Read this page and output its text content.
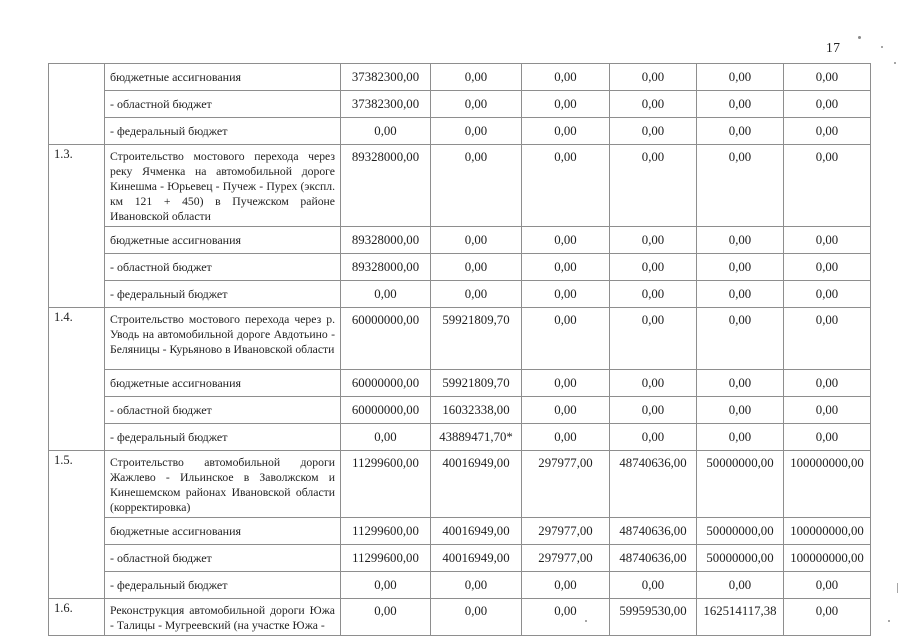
17
	бюджетные ассигнования	37382300,00	0,00	0,00	0,00	0,00	0,00
	- областной бюджет	37382300,00	0,00	0,00	0,00	0,00	0,00
	- федеральный бюджет	0,00	0,00	0,00	0,00	0,00	0,00
1.3.	Строительство мостового перехода через реку Ячменка на автомобильной дороге Кинешма - Юрьевец - Пучеж - Пурех (экспл. км 121 + 450) в Пучежском районе Ивановской области	89328000,00	0,00	0,00	0,00	0,00	0,00
	бюджетные ассигнования	89328000,00	0,00	0,00	0,00	0,00	0,00
	- областной бюджет	89328000,00	0,00	0,00	0,00	0,00	0,00
	- федеральный бюджет	0,00	0,00	0,00	0,00	0,00	0,00
1.4.	Строительство мостового перехода через р. Уводь на автомобильной дороге Авдотьино - Беляницы - Курьяново в Ивановской области	60000000,00	59921809,70	0,00	0,00	0,00	0,00
	бюджетные ассигнования	60000000,00	59921809,70	0,00	0,00	0,00	0,00
	- областной бюджет	60000000,00	16032338,00	0,00	0,00	0,00	0,00
	- федеральный бюджет	0,00	43889471,70*	0,00	0,00	0,00	0,00
1.5.	Строительство автомобильной дороги Жажлево - Ильинское в Заволжском и Кинешемском районах Ивановской области (корректировка)	11299600,00	40016949,00	297977,00	48740636,00	50000000,00	100000000,00
	бюджетные ассигнования	11299600,00	40016949,00	297977,00	48740636,00	50000000,00	100000000,00
	- областной бюджет	11299600,00	40016949,00	297977,00	48740636,00	50000000,00	100000000,00
	- федеральный бюджет	0,00	0,00	0,00	0,00	0,00	0,00
1.6.	Реконструкция автомобильной дороги Южа - Талицы - Мугреевский (на участке Южа -	0,00	0,00	0,00	59959530,00	162514117,38	0,00
